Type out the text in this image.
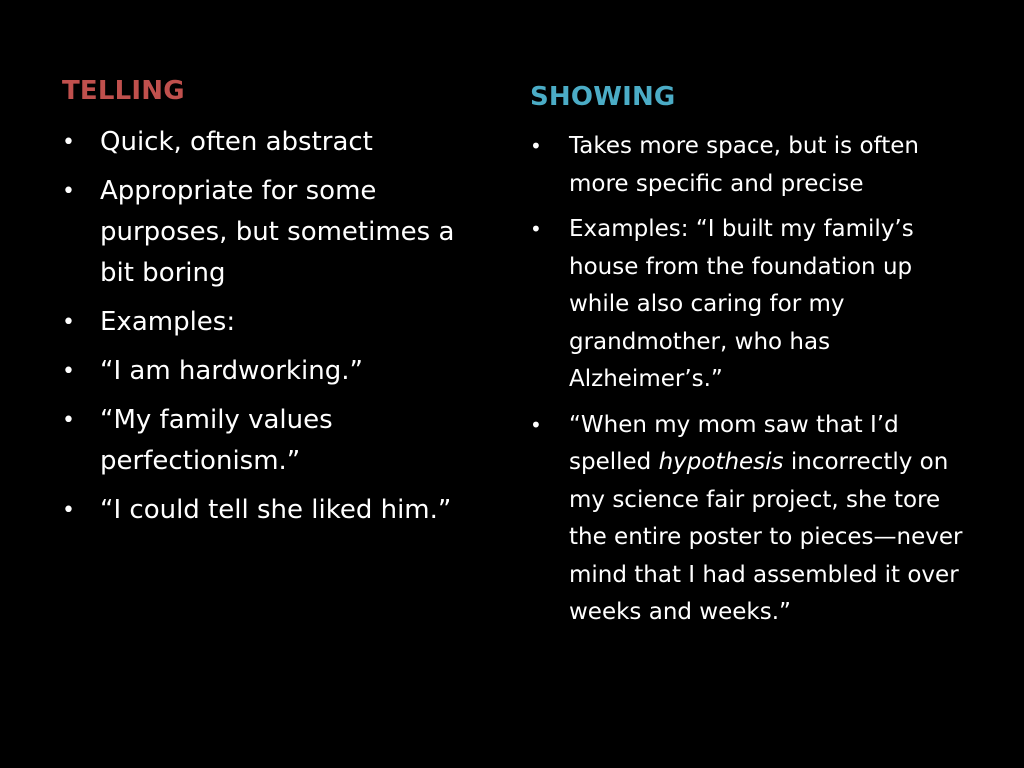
TELLING
• Quick, often abstract
• Appropriate for some purposes, but sometimes a bit boring
• Examples:
• “I am hardworking.”
• “My family values perfectionism.”
• “I could tell she liked him.”
SHOWING
• Takes more space, but is often more specific and precise
• Examples: “I built my family’s house from the foundation up while also caring for my grandmother, who has Alzheimer’s.”
• “When my mom saw that I’d spelled hypothesis incorrectly on my science fair project, she tore the entire poster to pieces—never mind that I had assembled it over weeks and weeks.”
